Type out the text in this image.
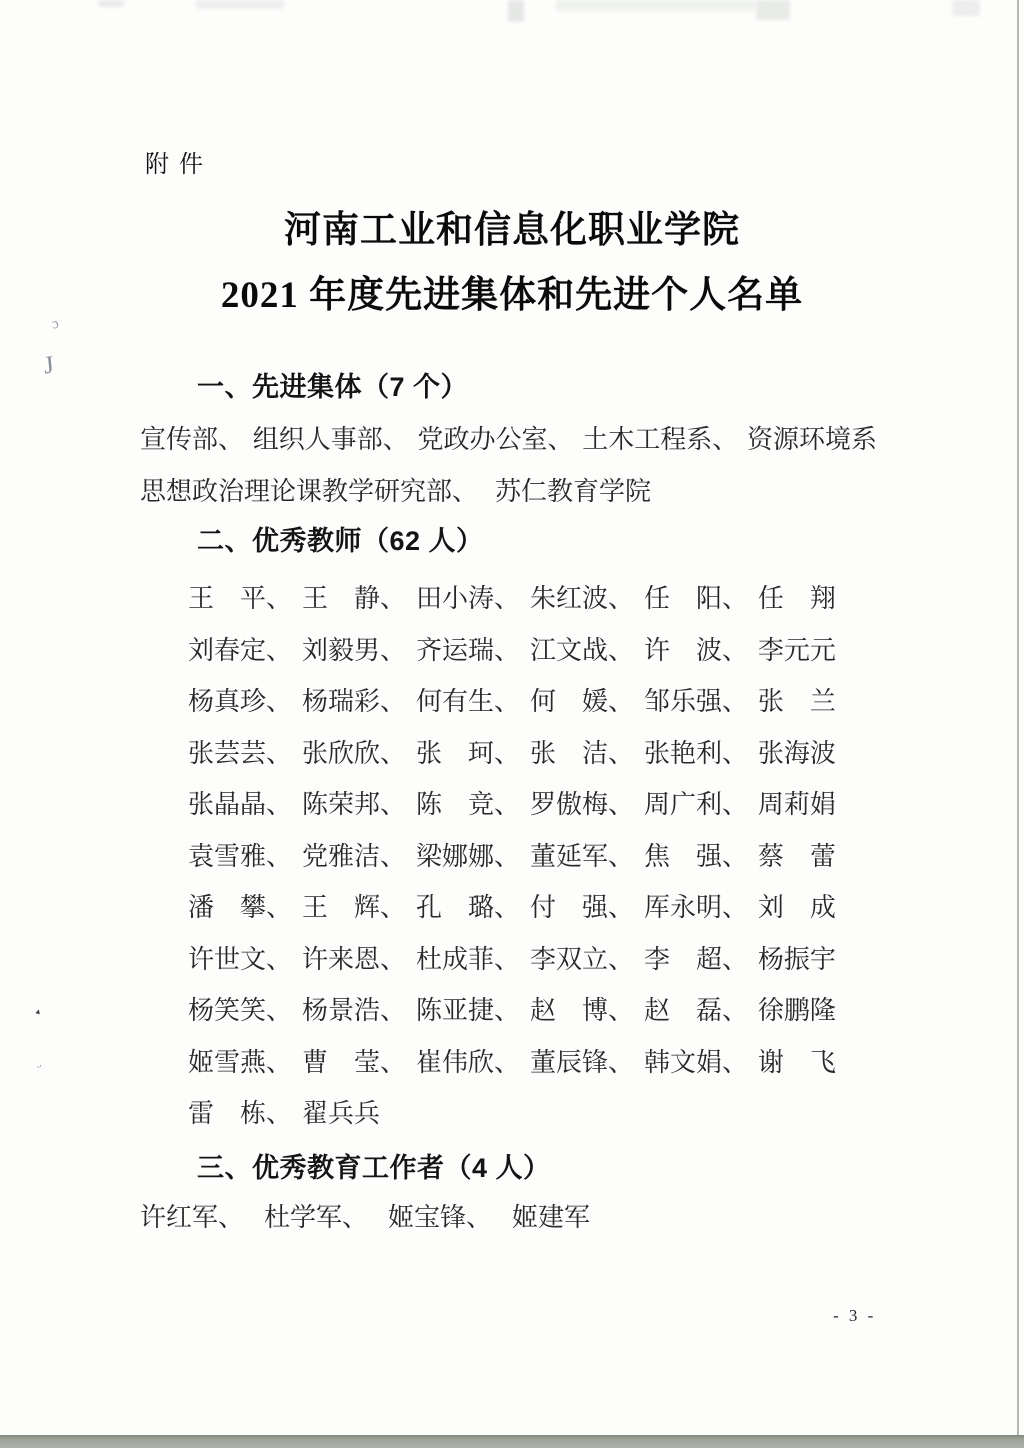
附 件
河南工业和信息化职业学院
2021 年度先进集体和先进个人名单
一、先进集体（7 个）
宣传部、 组织人事部、 党政办公室、 土木工程系、 资源环境系
思想政治理论课教学研究部、 苏仁教育学院
二、优秀教师（62 人）
王　平、 王　静、 田小涛、 朱红波、 任　阳、 任　翔
刘春定、 刘毅男、 齐运瑞、 江文战、 许　波、 李元元
杨真珍、 杨瑞彩、 何有生、 何　媛、 邹乐强、 张　兰
张芸芸、 张欣欣、 张　珂、 张　洁、 张艳利、 张海波
张晶晶、 陈荣邦、 陈　竞、 罗傲梅、 周广利、 周莉娟
袁雪雅、 党雅洁、 梁娜娜、 董延军、 焦　强、 蔡　蕾
潘　攀、 王　辉、 孔　璐、 付　强、 厍永明、 刘　成
许世文、 许来恩、 杜成菲、 李双立、 李　超、 杨振宇
杨笑笑、 杨景浩、 陈亚捷、 赵　博、 赵　磊、 徐鹏隆
姬雪燕、 曹　莹、 崔伟欣、 董辰锋、 韩文娟、 谢　飞
雷　栋、 翟兵兵
三、优秀教育工作者（4 人）
许红军、 杜学军、 姬宝锋、 姬建军
- 3 -
ɔ
J
▴
ᵕ
